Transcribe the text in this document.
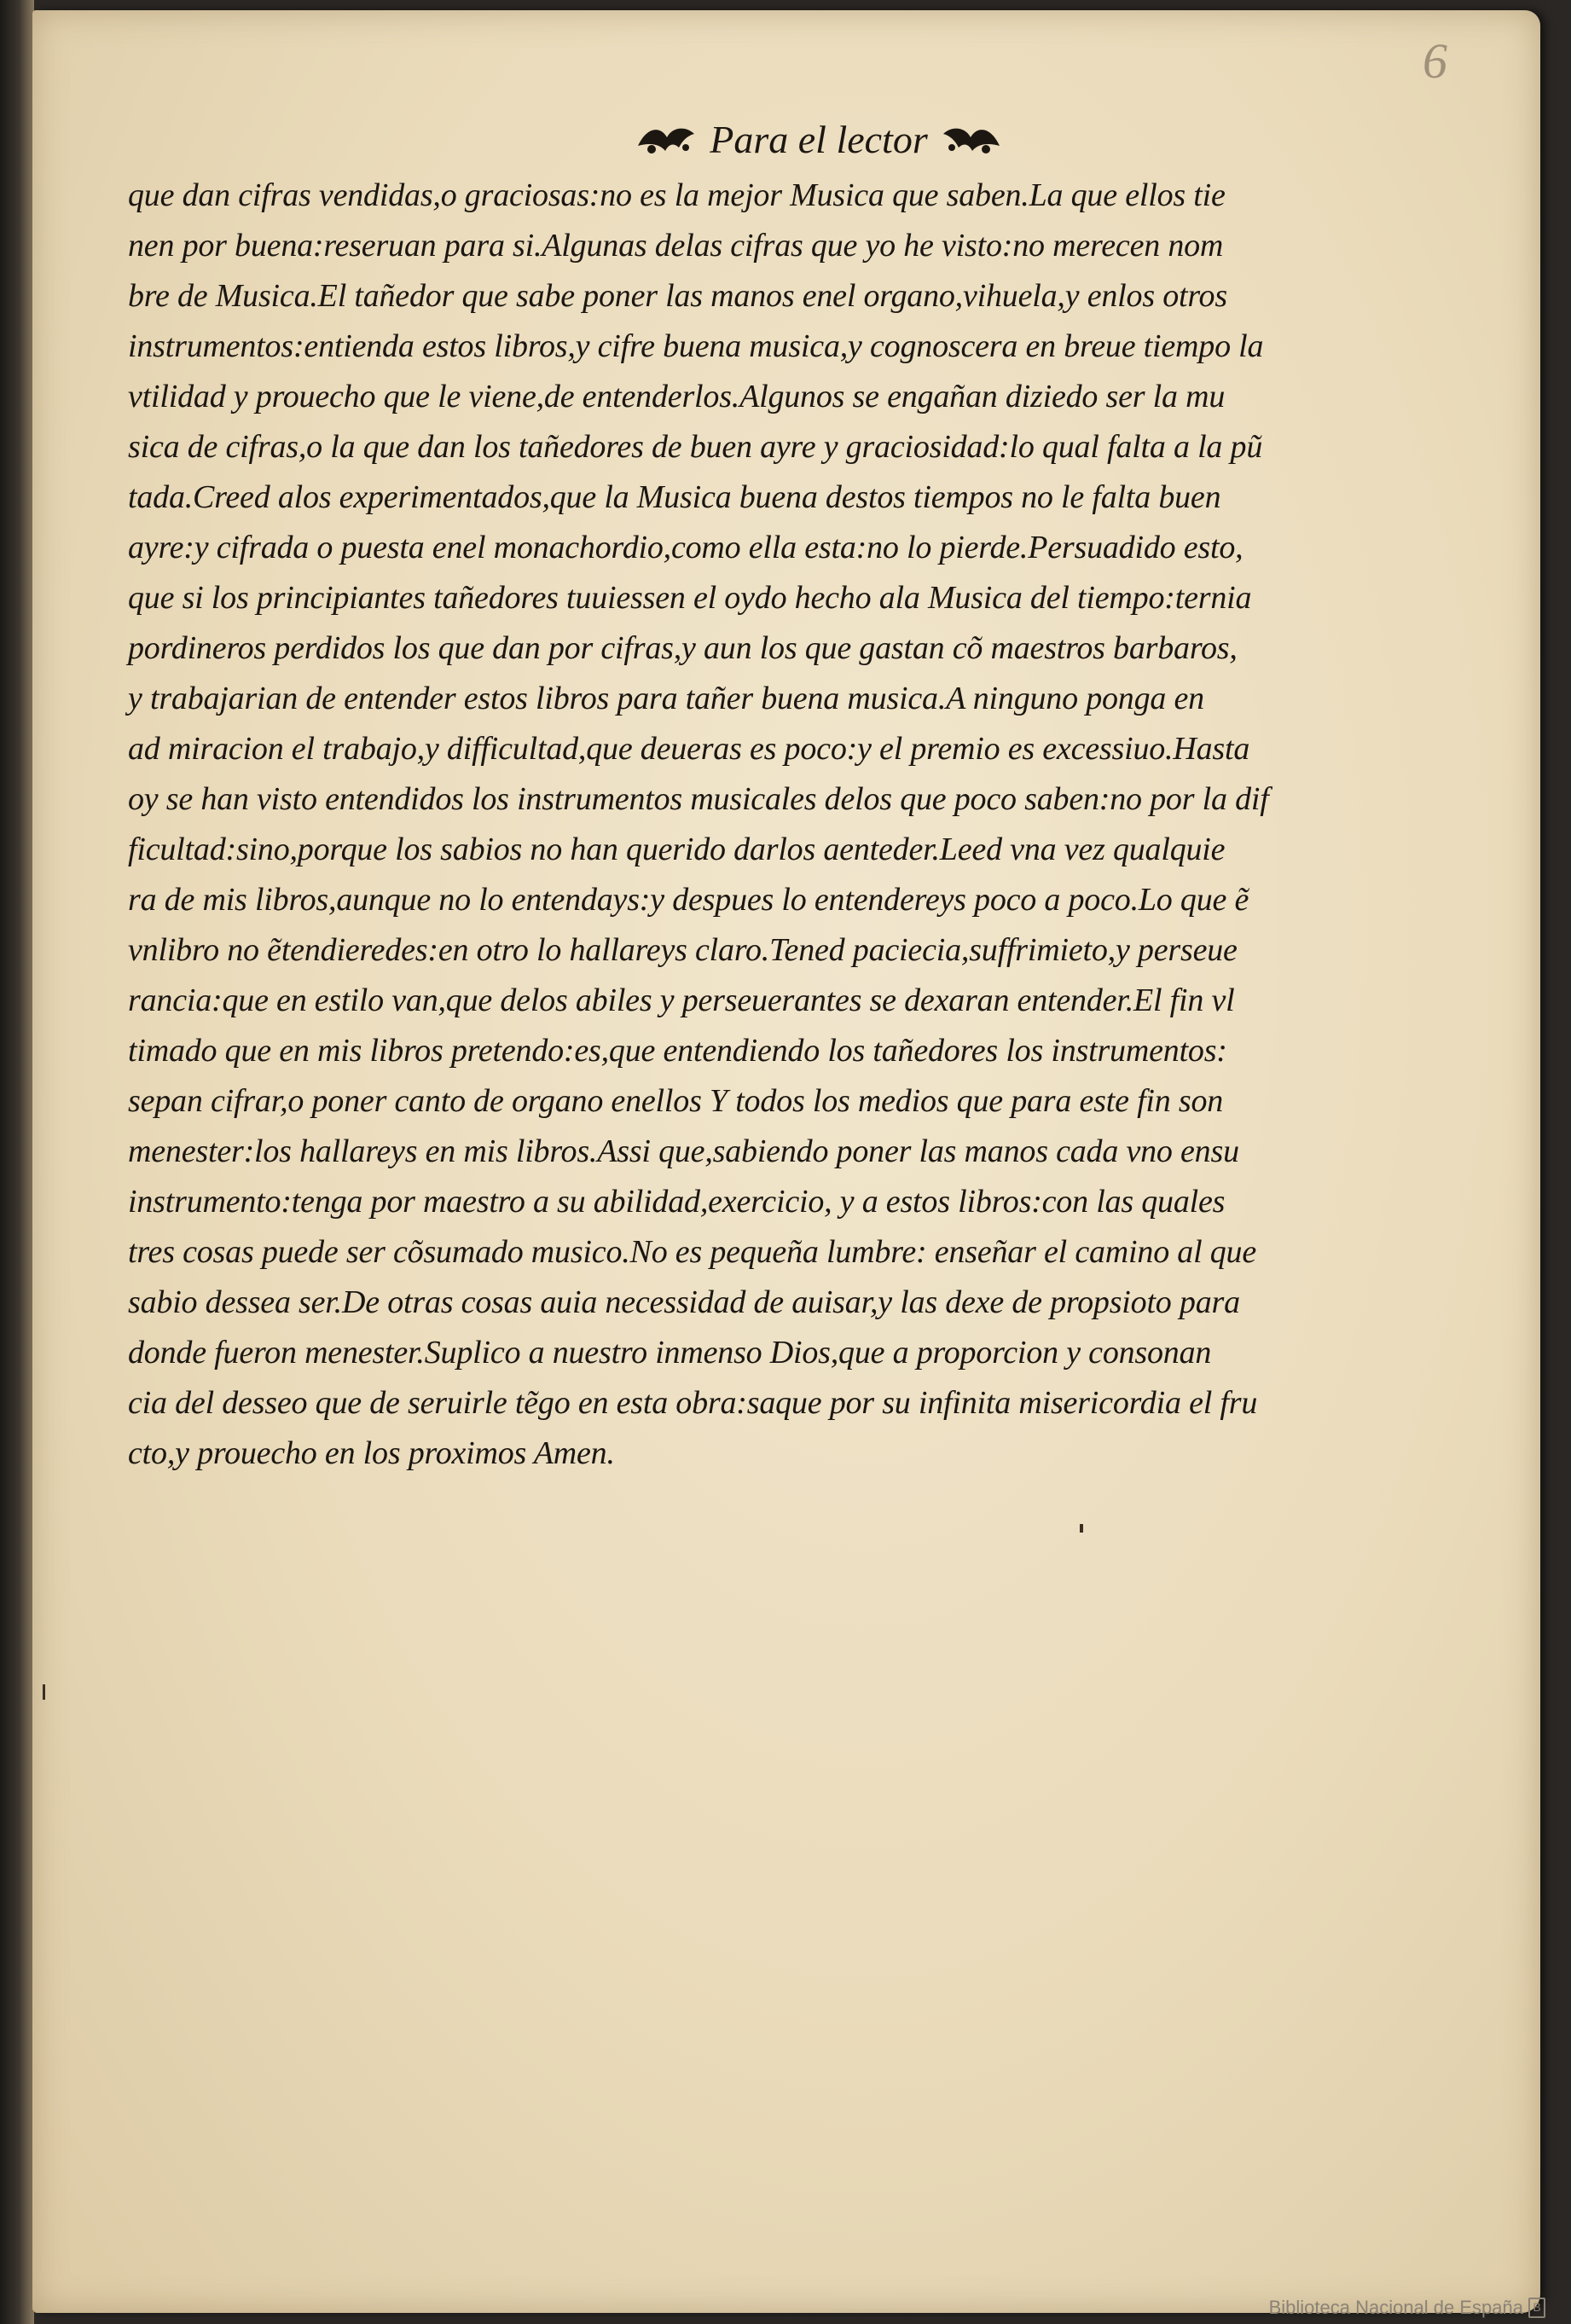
6
Para el lector
que dan cifras vendidas,o graciosas:no es la mejor Musica que saben.La que ellos tie
nen por buena:reseruan para si.Algunas delas cifras que yo he visto:no merecen nom
bre de Musica.El tañedor que sabe poner las manos enel organo,vihuela,y enlos otros
instrumentos:entienda estos libros,y cifre buena musica,y cognoscera en breue tiempo la
vtilidad y prouecho que le viene,de entenderlos.Algunos se engañan diziedo ser la mu
sica de cifras,o la que dan los tañedores de buen ayre y graciosidad:lo qual falta a la pũ
tada.Creed alos experimentados,que la Musica buena destos tiempos no le falta buen
ayre:y cifrada o puesta enel monachordio,como ella esta:no lo pierde.Persuadido esto,
que si los principiantes tañedores tuuiessen el oydo hecho ala Musica del tiempo:ternia
pordineros perdidos los que dan por cifras,y aun los que gastan cõ maestros barbaros,
y trabajarian de entender estos libros para tañer buena musica.A ninguno ponga en
ad miracion el trabajo,y difficultad,que deueras es poco:y el premio es excessiuo.Hasta
oy se han visto entendidos los instrumentos musicales delos que poco saben:no por la dif
ficultad:sino,porque los sabios no han querido darlos aenteder.Leed vna vez qualquie
ra de mis libros,aunque no lo entendays:y despues lo entendereys poco a poco.Lo que ẽ
vnlibro no ẽtendieredes:en otro lo hallareys claro.Tened paciecia,suffrimieto,y perseue
rancia:que en estilo van,que delos abiles y perseuerantes se dexaran entender.El fin vl
timado que en mis libros pretendo:es,que entendiendo los tañedores los instrumentos:
sepan cifrar,o poner canto de organo enellos Y todos los medios que para este fin son
menester:los hallareys en mis libros.Assi que,sabiendo poner las manos cada vno ensu
instrumento:tenga por maestro a su abilidad,exercicio, y a estos libros:con las quales
tres cosas puede ser cõsumado musico.No es pequeña lumbre: enseñar el camino al que
sabio dessea ser.De otras cosas auia necessidad de auisar,y las dexe de propsioto para
donde fueron menester.Suplico a nuestro inmenso Dios,que a proporcion y consonan
cia del desseo que de seruirle tẽgo en esta obra:saque por su infinita misericordia el fru
cto,y prouecho en los proximos Amen.
Biblioteca Nacional de España B
